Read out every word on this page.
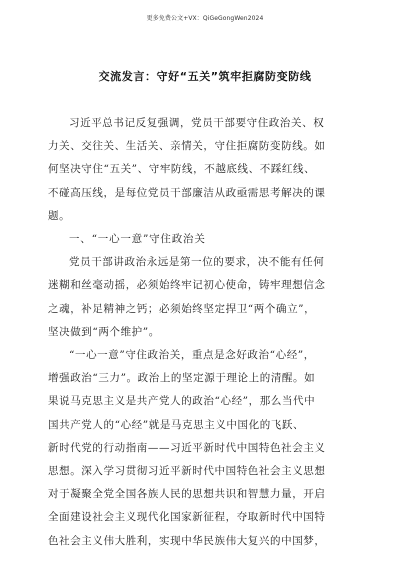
更多免费公文+VX：QiGeGongWen2024
交流发言：守好“五关”筑牢拒腐防变防线
习近平总书记反复强调，党员干部要守住政治关、权
力关、交往关、生活关、亲情关，守住拒腐防变防线。如
何坚决守住“五关”、守牢防线，不越底线、不踩红线、
不碰高压线，是每位党员干部廉洁从政亟需思考解决的课
题。
一、“一心一意”守住政治关
党员干部讲政治永远是第一位的要求，决不能有任何
迷糊和丝毫动摇，必须始终牢记初心使命，铸牢理想信念
之魂，补足精神之钙；必须始终坚定捍卫“两个确立”，
坚决做到“两个维护”。
“一心一意”守住政治关，重点是念好政治“心经”，
增强政治“三力”。政治上的坚定源于理论上的清醒。如
果说马克思主义是共产党人的政治“心经”，那么当代中
国共产党人的“心经”就是马克思主义中国化的飞跃、
新时代党的行动指南——习近平新时代中国特色社会主义
思想。深入学习贯彻习近平新时代中国特色社会主义思想
对于凝聚全党全国各族人民的思想共识和智慧力量，开启
全面建设社会主义现代化国家新征程，夺取新时代中国特
色社会主义伟大胜利，实现中华民族伟大复兴的中国梦，
